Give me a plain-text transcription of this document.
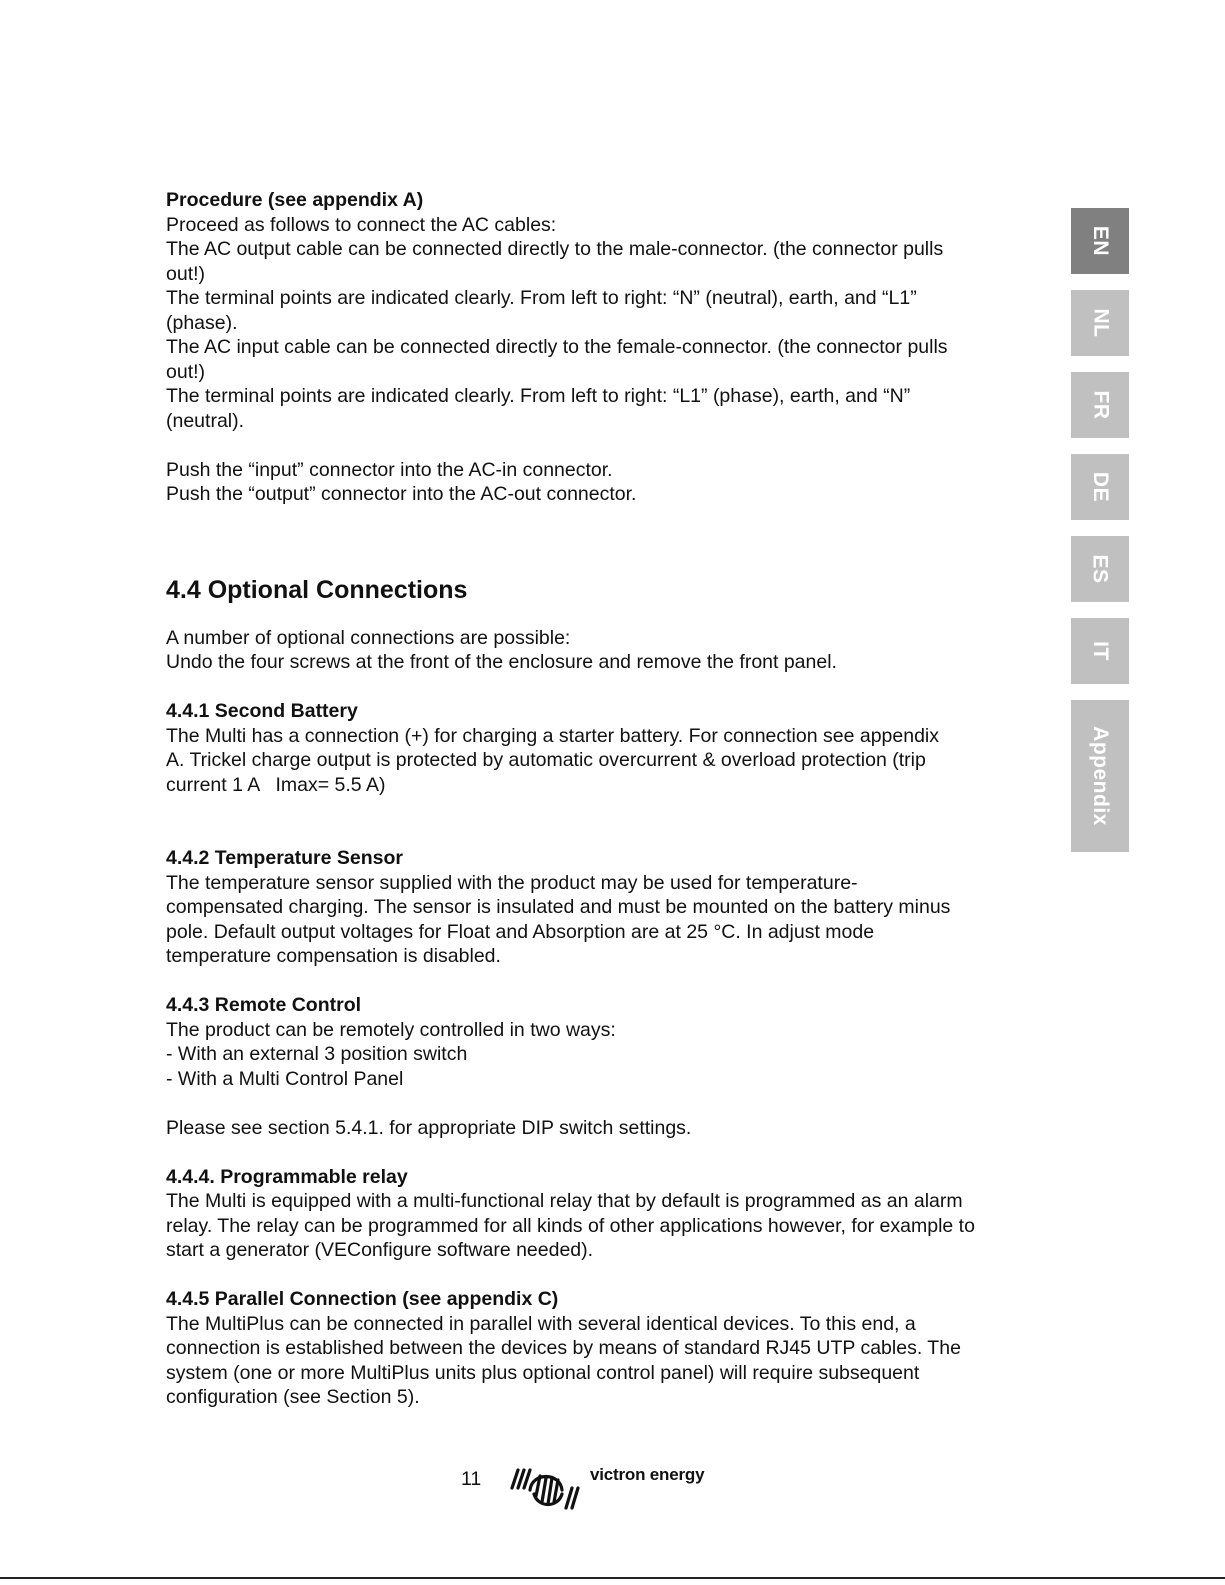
Procedure (see appendix A)

Proceed as follows to connect the AC cables:

The AC output cable can be connected directly to the male-connector. (the connector pulls

out!)

The terminal points are indicated clearly. From left to right: “N” (neutral), earth, and “L1”

(phase).

The AC input cable can be connected directly to the female-connector. (the connector pulls

out!)

The terminal points are indicated clearly. From left to right: “L1” (phase), earth, and “N”

(neutral).

Push the “input” connector into the AC-in connector.

Push the “output” connector into the AC-out connector.

4.4 Optional Connections

A number of optional connections are possible:

Undo the four screws at the front of the enclosure and remove the front panel.

4.4.1 Second Battery

The Multi has a connection (+) for charging a starter battery. For connection see appendix

A. Trickel charge output is protected by automatic overcurrent & overload protection (trip

current 1 A   Imax= 5.5 A)

4.4.2 Temperature Sensor

The temperature sensor supplied with the product may be used for temperature-

compensated charging. The sensor is insulated and must be mounted on the battery minus

pole. Default output voltages for Float and Absorption are at 25 °C. In adjust mode

temperature compensation is disabled.

4.4.3 Remote Control

The product can be remotely controlled in two ways:

- With an external 3 position switch

- With a Multi Control Panel

Please see section 5.4.1. for appropriate DIP switch settings.

4.4.4. Programmable relay

The Multi is equipped with a multi-functional relay that by default is programmed as an alarm

relay. The relay can be programmed for all kinds of other applications however, for example to

start a generator (VEConfigure software needed).

4.4.5 Parallel Connection (see appendix C)

The MultiPlus can be connected in parallel with several identical devices. To this end, a

connection is established between the devices by means of standard RJ45 UTP cables. The

system (one or more MultiPlus units plus optional control panel) will require subsequent

configuration (see Section 5).

EN
NL
FR
DE
ES
IT
Appendix
11	victron energy
